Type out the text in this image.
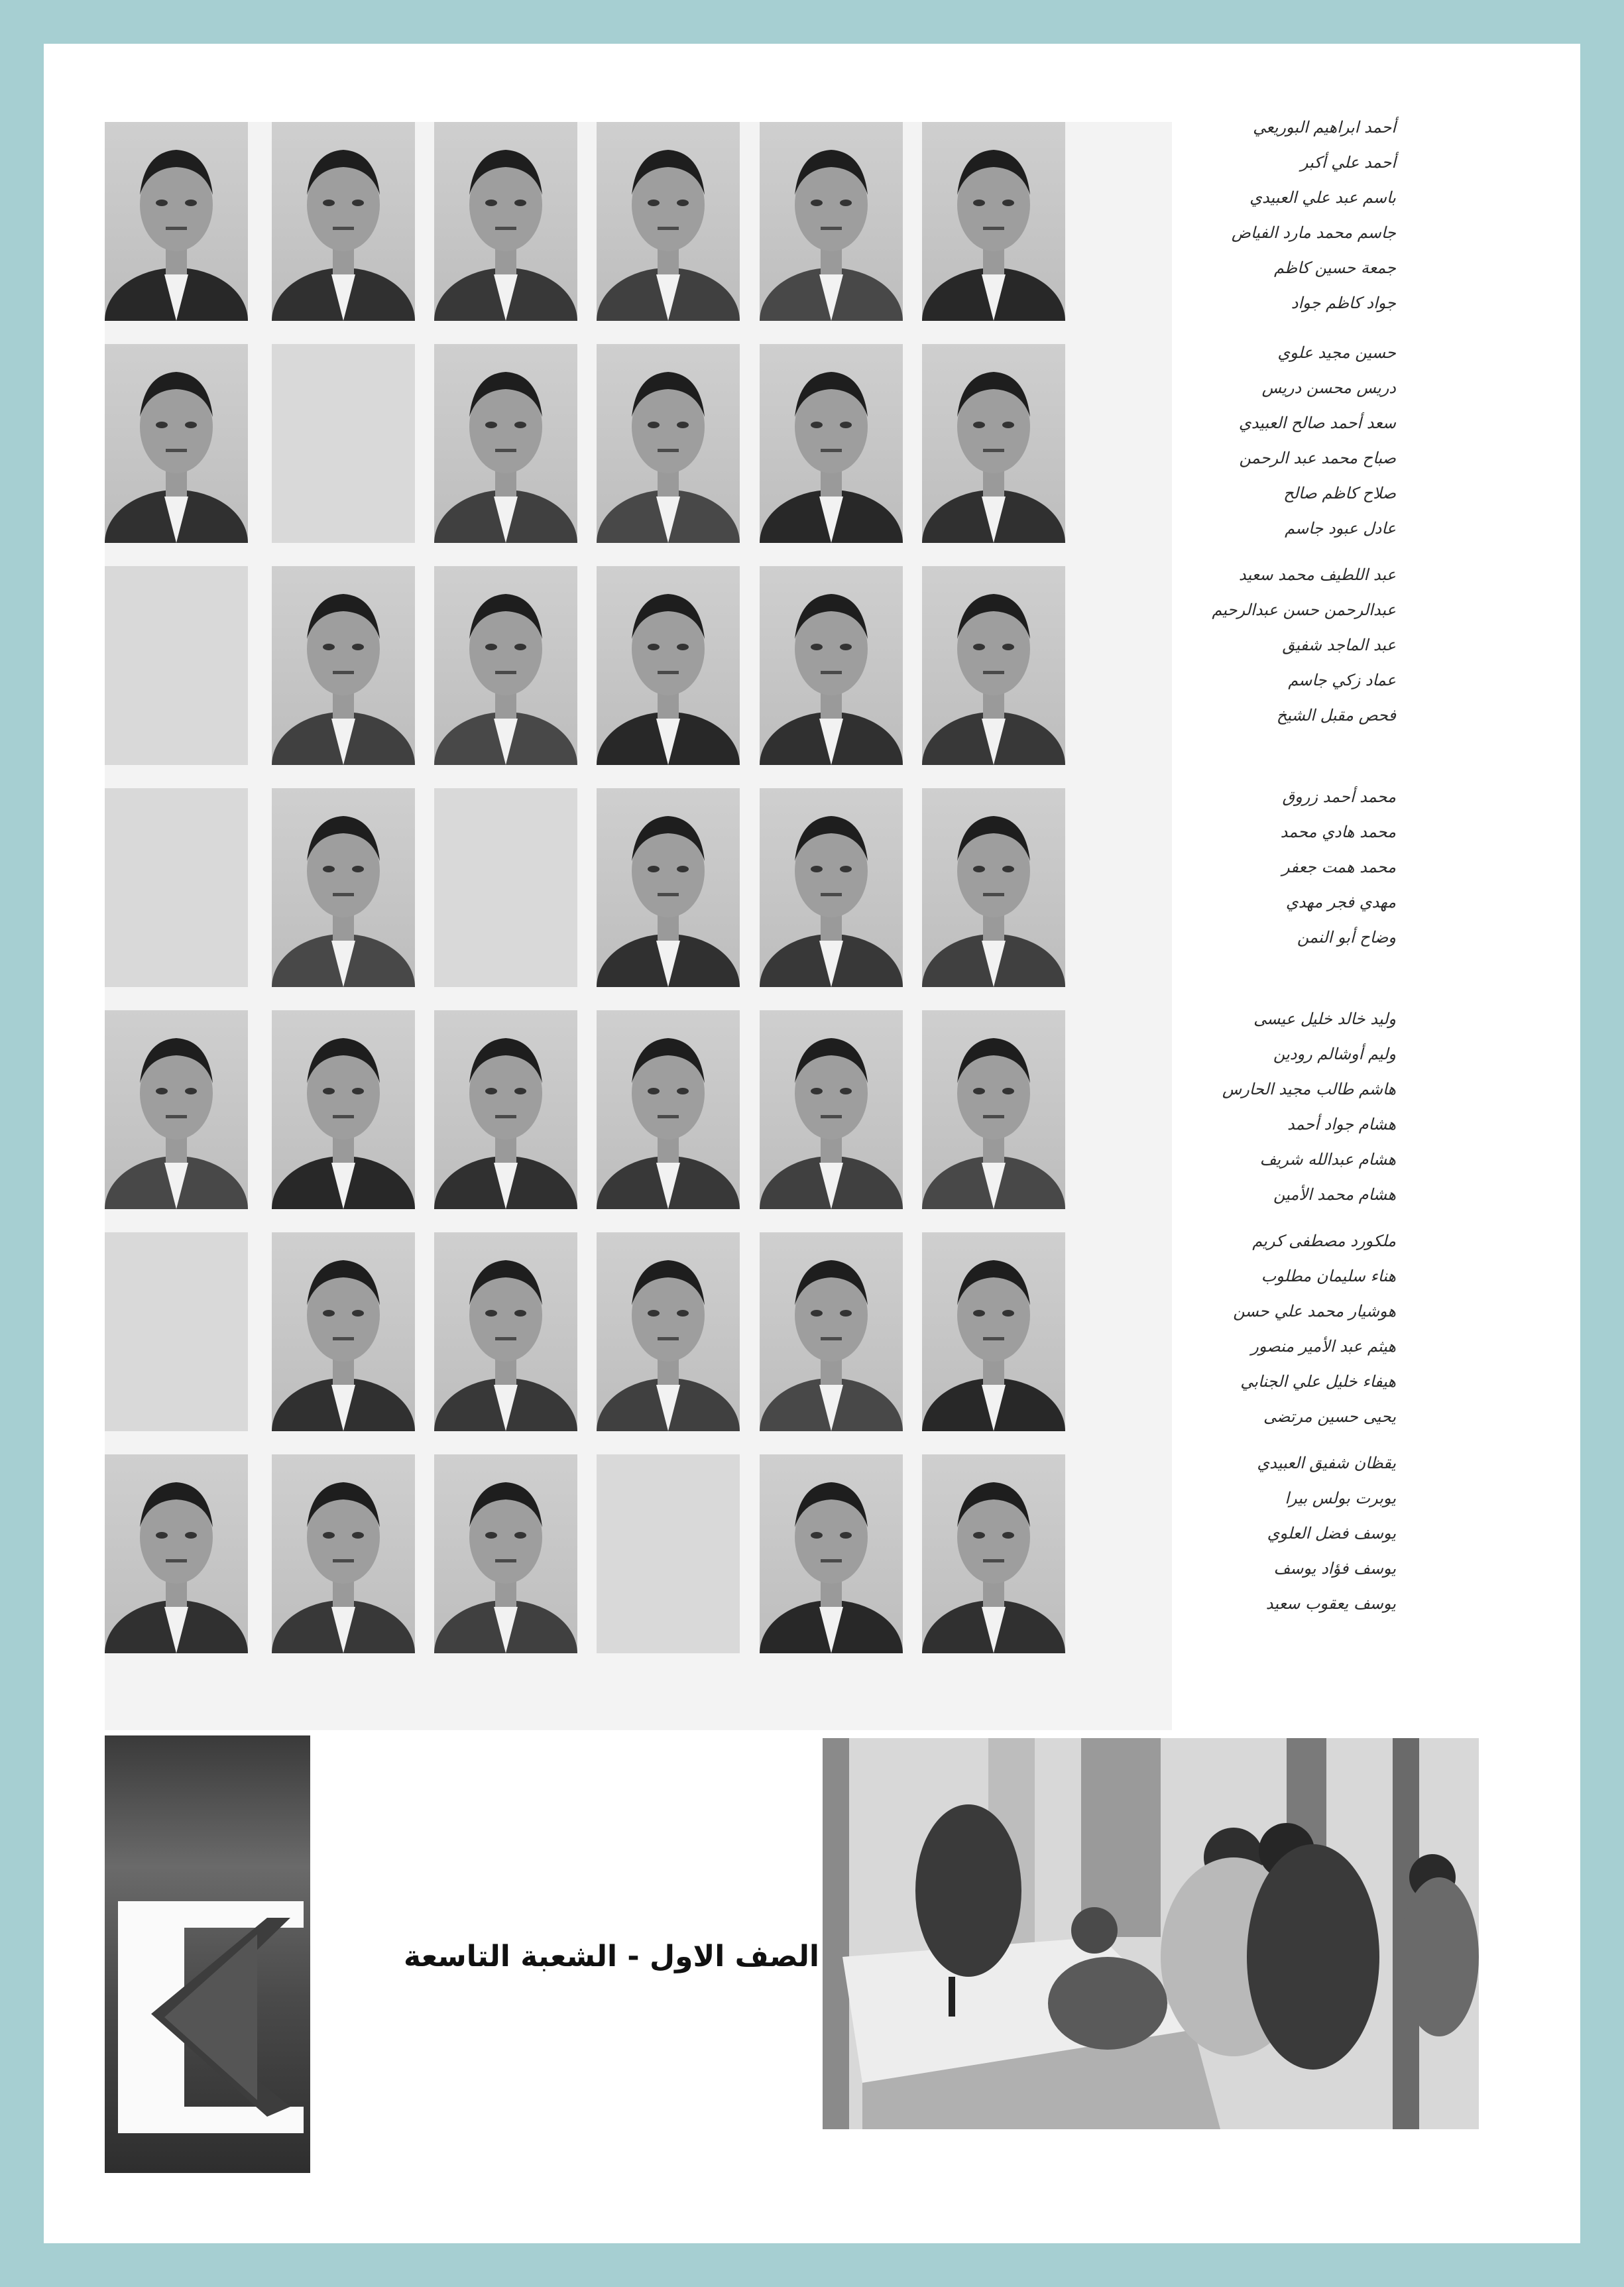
أحمد ابراهيم البوريعي
أحمد علي أكبر
باسم عبد علي العبيدي
جاسم محمد مارد الفياض
جمعة حسين كاظم
جواد كاظم جواد
حسين مجيد علوي
دريس محسن دريس
سعد أحمد صالح العبيدي
صباح محمد عبد الرحمن
صلاح كاظم صالح
عادل عبود جاسم
عبد اللطيف محمد سعيد
عبدالرحمن حسن عبدالرحيم
عبد الماجد شفيق
عماد زكي جاسم
فحص مقبل الشيخ
محمد أحمد زروق
محمد هادي محمد
محمد همت جعفر
مهدي فجر مهدي
وضاح أبو النمن
وليد خالد خليل عيسى
وليم أوشالم رودين
هاشم طالب مجيد الحارس
هشام جواد أحمد
هشام عبدالله شريف
هشام محمد الأمين
ملكورد مصطفى كريم
هناء سليمان مطلوب
هوشيار محمد علي حسن
هيثم عبد الأمير منصور
هيفاء خليل علي الجنابي
يحيى حسين مرتضى
يقظان شفيق العبيدي
يوبرت بولس بيرا
يوسف فضل العلوي
يوسف فؤاد يوسف
يوسف يعقوب سعيد
الصف الاول - الشعبة التاسعة
